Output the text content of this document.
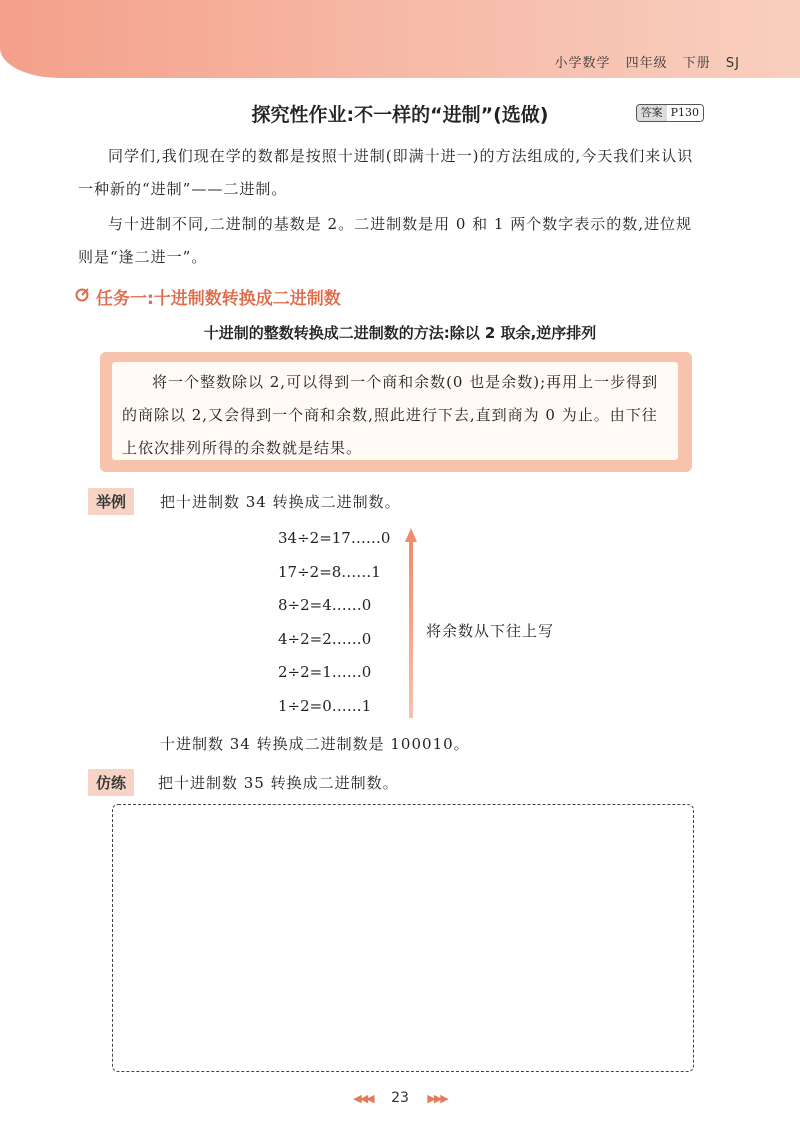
小学数学 四年级 下册 SJ
探究性作业:不一样的“进制”(选做)	答案 P130
同学们,我们现在学的数都是按照十进制(即满十进一)的方法组成的,今天我们来认识一种新的“进制”——二进制。
与十进制不同,二进制的基数是 2。二进制数是用 0 和 1 两个数字表示的数,进位规则是“逢二进一”。
任务一:十进制数转换成二进制数
十进制的整数转换成二进制数的方法:除以 2 取余,逆序排列
将一个整数除以 2,可以得到一个商和余数(0 也是余数);再用上一步得到的商除以 2,又会得到一个商和余数,照此进行下去,直到商为 0 为止。由下往上依次排列所得的余数就是结果。
举例	把十进制数 34 转换成二进制数。
34÷2=17……0
17÷2=8……1
8÷2=4……0
4÷2=2……0
2÷2=1……0
1÷2=0……1
将余数从下往上写
十进制数 34 转换成二进制数是 100010。
仿练	把十进制数 35 转换成二进制数。
◀◀◀ 23 ▶▶▶
